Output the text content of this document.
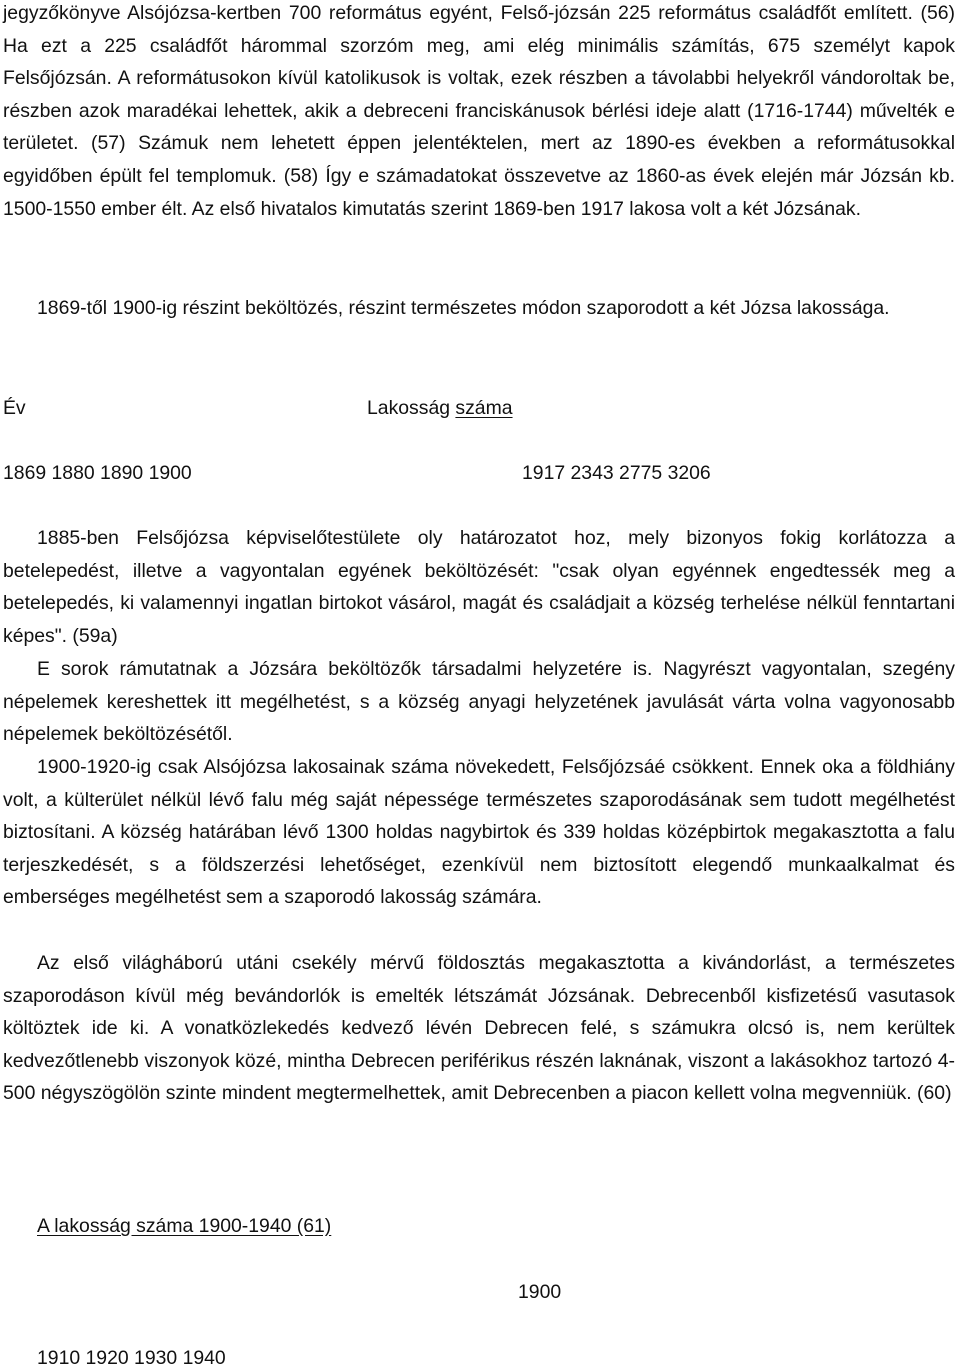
jegyzőkönyve Alsójózsa-kertben 700 református egyént, Felső-józsán 225 református családfőt említett. (56) Ha ezt a 225 családfőt hárommal szorzóm meg, ami elég minimális számítás, 675 személyt kapok Felsőjózsán. A reformátusokon kívül katolikusok is voltak, ezek részben a távolabbi helyekről vándoroltak be, részben azok maradékai lehettek, akik a debreceni franciskánusok bérlési ideje alatt (1716-1744) művelték e területet. (57) Számuk nem lehetett éppen jelentéktelen, mert az 1890-es években a reformátusokkal egyidőben épült fel templomuk. (58) Így e számadatokat összevetve az 1860-as évek elején már Józsán kb. 1500-1550 ember élt. Az első hivatalos kimutatás szerint 1869-ben 1917 lakosa volt a két Józsának.

1869-től 1900-ig részint beköltözés, részint természetes módon szaporodott a két Józsa lakossága.

Év	Lakosság száma
1869 1880 1890 1900	1917 2343 2775 3206

1885-ben Felsőjózsa képviselőtestülete oly határozatot hoz, mely bizonyos fokig korlátozza a betelepedést, illetve a vagyontalan egyének beköltözését: "csak olyan egyénnek engedtessék meg a betelepedés, ki valamennyi ingatlan birtokot vásárol, magát és családjait a község terhelése nélkül fenntartani képes". (59a)

E sorok rámutatnak a Józsára beköltözők társadalmi helyzetére is. Nagyrészt vagyontalan, szegény népelemek kereshettek itt megélhetést, s a község anyagi helyzetének javulását várta volna vagyonosabb népelemek beköltözésétől.

1900-1920-ig csak Alsójózsa lakosainak száma növekedett, Felsőjózsáé csökkent. Ennek oka a földhiány volt, a külterület nélkül lévő falu még saját népessége természetes szaporodásának sem tudott megélhetést biztosítani. A község határában lévő 1300 holdas nagybirtok és 339 holdas középbirtok megakasztotta a falu terjeszkedését, s a földszerzési lehetőséget, ezenkívül nem biztosított elegendő munkaalkalmat és emberséges megélhetést sem a szaporodó lakosság számára.

Az első világháború utáni csekély mérvű földosztás megakasztotta a kivándorlást, a természetes szaporodáson kívül még bevándorlók is emelték létszámát Józsának. Debrecenből kisfizetésű vasutasok költöztek ide ki. A vonatközlekedés kedvező lévén Debrecen felé, s számukra olcsó is, nem kerültek kedvezőtlenebb viszonyok közé, mintha Debrecen periférikus részén laknának, viszont a lakásokhoz tartozó 4-500 négyszögölön szinte mindent megtermelhettek, amit Debrecenben a piacon kellett volna megvenniük. (60)

A lakosság száma 1900-1940 (61)
1900
1910 1920 1930 1940
